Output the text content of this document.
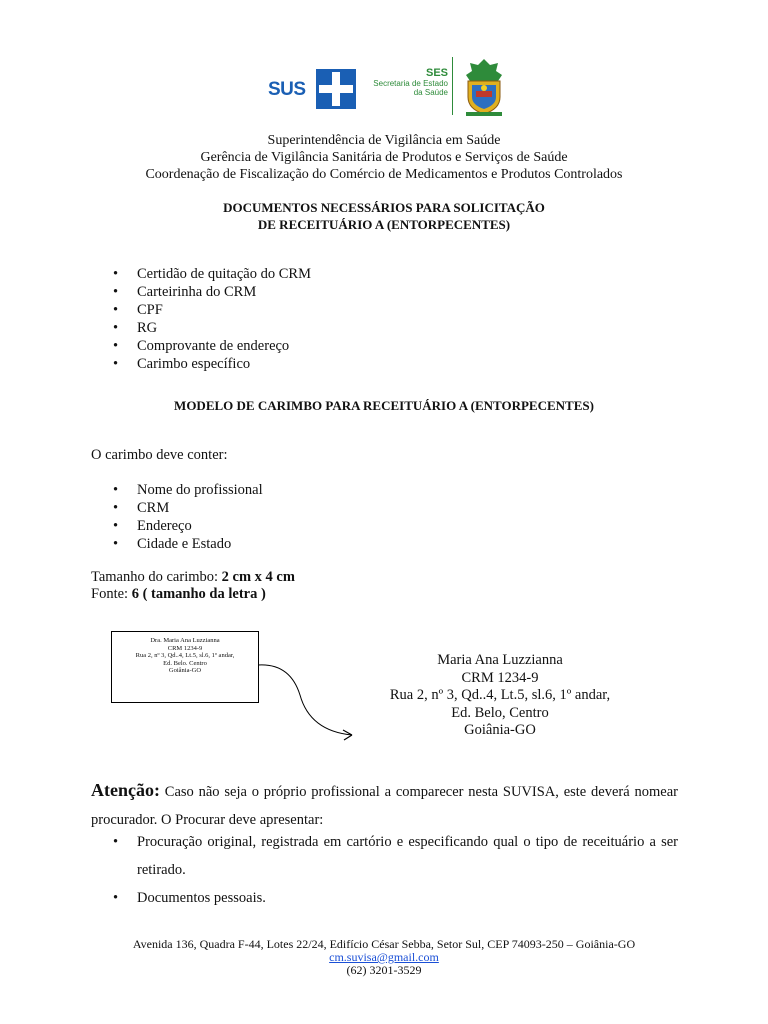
SUS
SES
Secretaria de Estado
da Saúde
Superintendência de Vigilância em Saúde
Gerência de Vigilância Sanitária de Produtos e Serviços de Saúde
Coordenação de Fiscalização do Comércio de Medicamentos e Produtos Controlados
DOCUMENTOS NECESSÁRIOS PARA SOLICITAÇÃO
DE RECEITUÁRIO A (ENTORPECENTES)
• Certidão de quitação do CRM
• Carteirinha do CRM
• CPF
• RG
• Comprovante de endereço
• Carimbo específico
MODELO DE CARIMBO PARA RECEITUÁRIO A (ENTORPECENTES)
O carimbo deve conter:
• Nome do profissional
• CRM
• Endereço
• Cidade e Estado
Tamanho do carimbo: 2 cm x 4 cm
Fonte: 6 ( tamanho da letra )
Dra. Maria Ana Luzzianna
CRM 1234-9
Rua 2, nº 3, Qd..4, Lt.5, sl.6, 1º andar,
Ed. Belo. Centro
Goiânia-GO
Maria Ana Luzzianna
CRM 1234-9
Rua 2, nº 3, Qd..4, Lt.5, sl.6, 1º andar,
Ed. Belo, Centro
Goiânia-GO
Atenção: Caso não seja o próprio profissional a comparecer nesta SUVISA, este deverá nomear procurador. O Procurar deve apresentar:
• Procuração original, registrada em cartório e especificando qual o tipo de receituário a ser retirado.
• Documentos pessoais.
Avenida 136, Quadra F-44, Lotes 22/24, Edifício César Sebba, Setor Sul, CEP 74093-250 – Goiânia-GO
cm.suvisa@gmail.com
(62) 3201-3529
